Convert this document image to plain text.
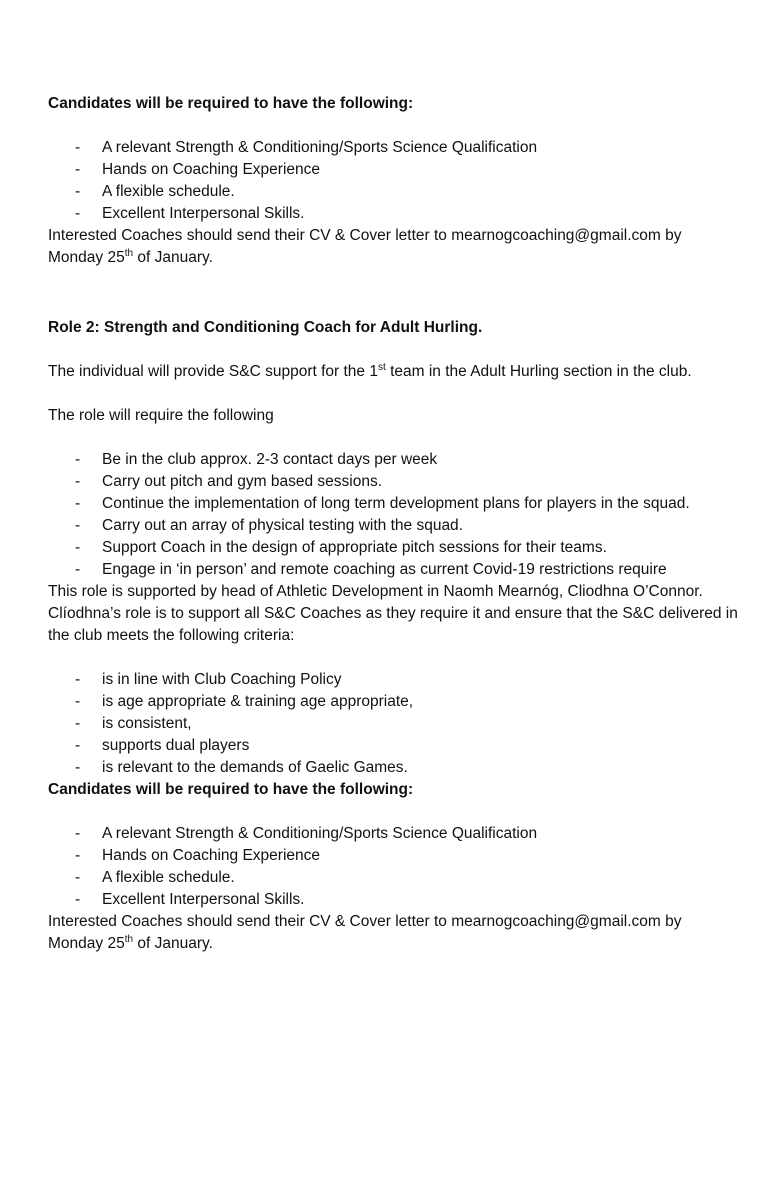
Candidates will be required to have the following:

- A relevant Strength & Conditioning/Sports Science Qualification
- Hands on Coaching Experience
- A flexible schedule.
- Excellent Interpersonal Skills.

Interested Coaches should send their CV & Cover letter to mearnogcoaching@gmail.com by Monday 25th of January.

Role 2: Strength and Conditioning Coach for Adult Hurling.

The individual will provide S&C support for the 1st team in the Adult Hurling section in the club.

The role will require the following

- Be in the club approx. 2-3 contact days per week
- Carry out pitch and gym based sessions.
- Continue the implementation of long term development plans for players in the squad.
- Carry out an array of physical testing with the squad.
- Support Coach in the design of appropriate pitch sessions for their teams.
- Engage in ‘in person’ and remote coaching as current Covid-19 restrictions require

This role is supported by head of Athletic Development in Naomh Mearnóg, Cliodhna O’Connor. Clíodhna’s role is to support all S&C Coaches as they require it and ensure that the S&C delivered in the club meets the following criteria:

- is in line with Club Coaching Policy
- is age appropriate & training age appropriate,
- is consistent,
- supports dual players
- is relevant to the demands of Gaelic Games.

Candidates will be required to have the following:

- A relevant Strength & Conditioning/Sports Science Qualification
- Hands on Coaching Experience
- A flexible schedule.
- Excellent Interpersonal Skills.

Interested Coaches should send their CV & Cover letter to mearnogcoaching@gmail.com by Monday 25th of January.
